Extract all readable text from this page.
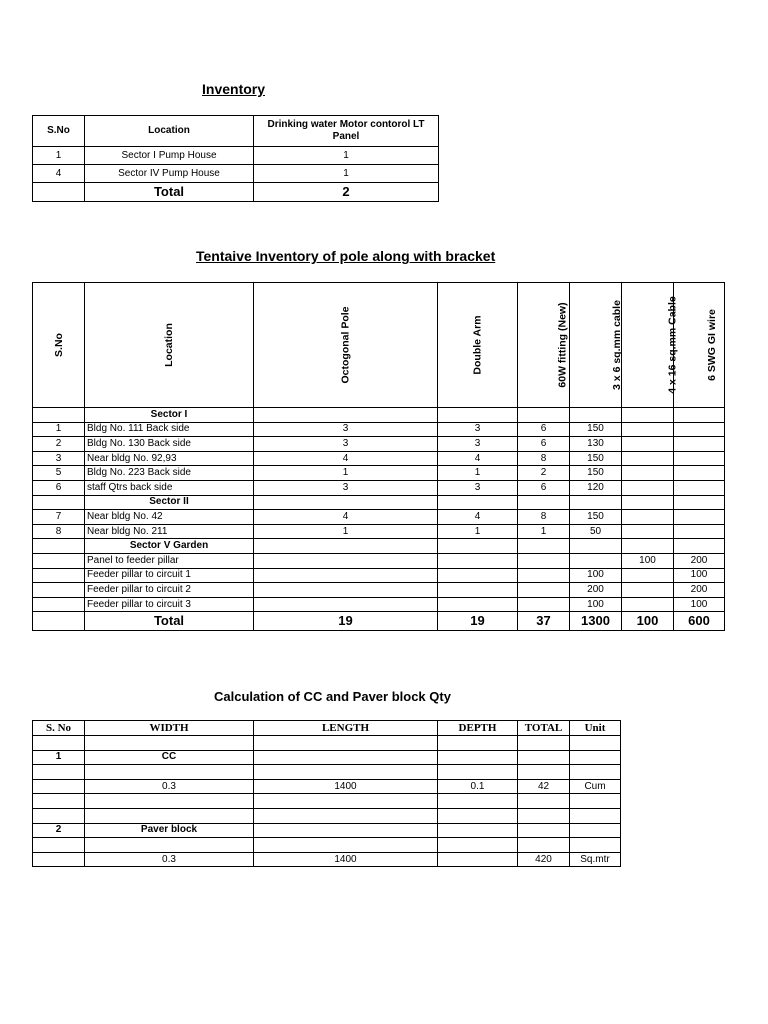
Inventory
S.No	Location	Drinking water Motor contorol LT Panel
1	Sector I Pump House	1
4	Sector IV Pump House	1
	Total	2
Tentaive Inventory of pole along with bracket
S.No	Location	Octogonal Pole	Double Arm	60W fitting (New)	3 x 6 sq.mm cable	4 x 16 sq.mm Cable	6 SWG GI wire
	Sector I						
1	Bldg No. 111 Back side	3	3	6	150		
2	Bldg No. 130 Back side	3	3	6	130		
3	Near bldg No. 92,93	4	4	8	150		
5	Bldg No. 223 Back side	1	1	2	150		
6	staff Qtrs back side	3	3	6	120		
	Sector II						
7	Near bldg No. 42	4	4	8	150		
8	Near bldg No. 211	1	1	1	50		
	Sector V Garden						
	Panel to feeder pillar					100	200
	Feeder pillar to circuit 1				100		100
	Feeder pillar to circuit 2				200		200
	Feeder pillar to circuit 3				100		100
	Total	19	19	37	1300	100	600
Calculation of CC and Paver block Qty
S. No	WIDTH	LENGTH	DEPTH	TOTAL	Unit

1	CC				

	0.3	1400	0.1	42	Cum

2	Paver block				

	0.3	1400		420	Sq.mtr
